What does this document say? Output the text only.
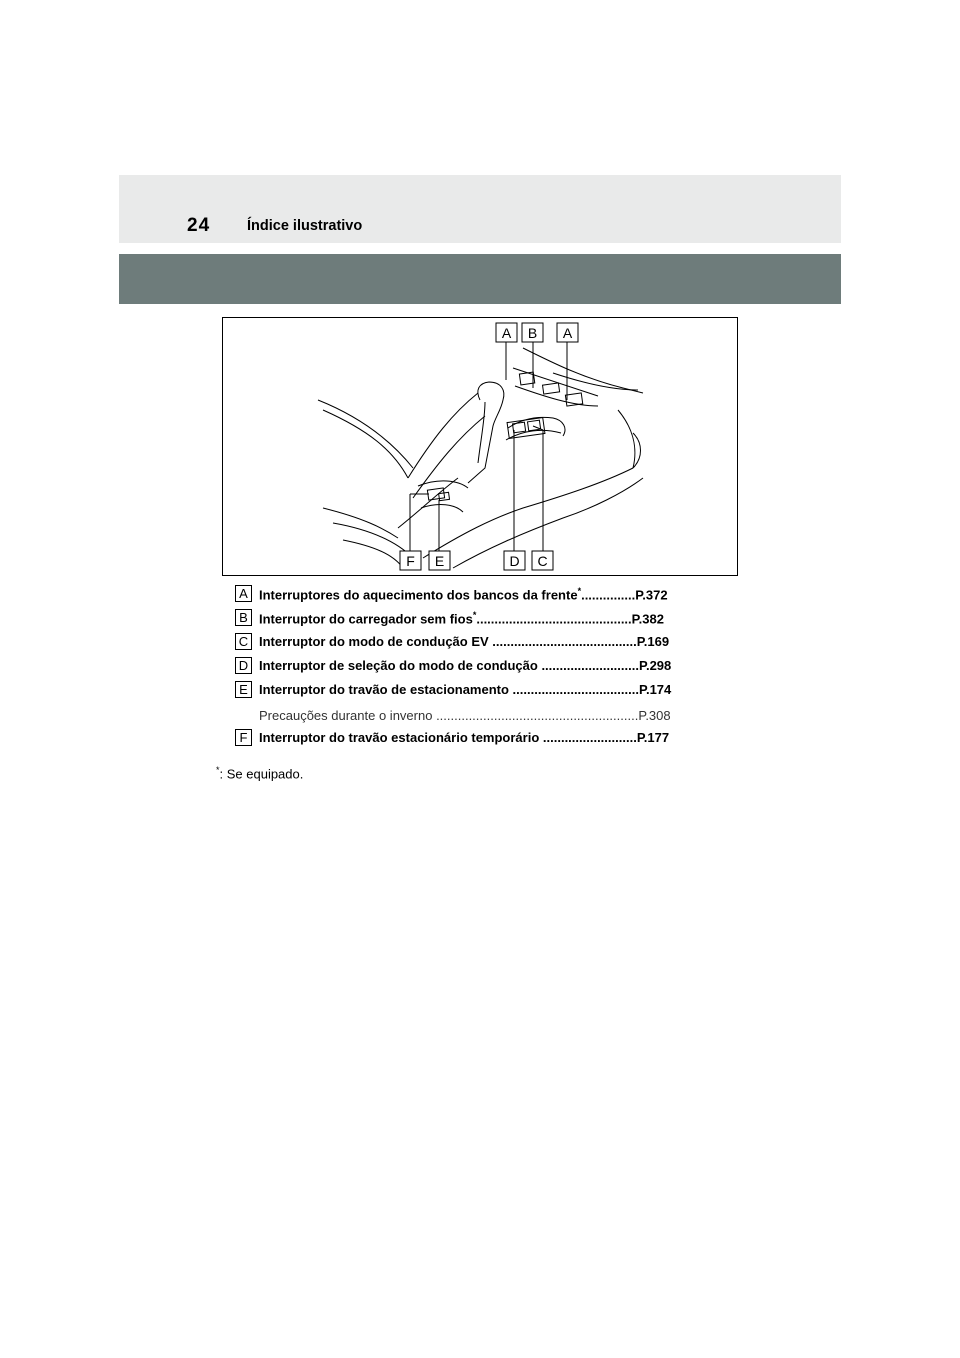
24	Índice ilustrativo
A B A
F E	D C
A Interruptores do aquecimento dos bancos da frente*...............P.372
B Interruptor do carregador sem fios*...........................................P.382
C Interruptor do modo de condução EV ........................................P.169
D Interruptor de seleção do modo de condução ...........................P.298
E Interruptor do travão de estacionamento ...................................P.174
Precauções durante o inverno ........................................................P.308
F Interruptor do travão estacionário temporário ..........................P.177
*: Se equipado.
